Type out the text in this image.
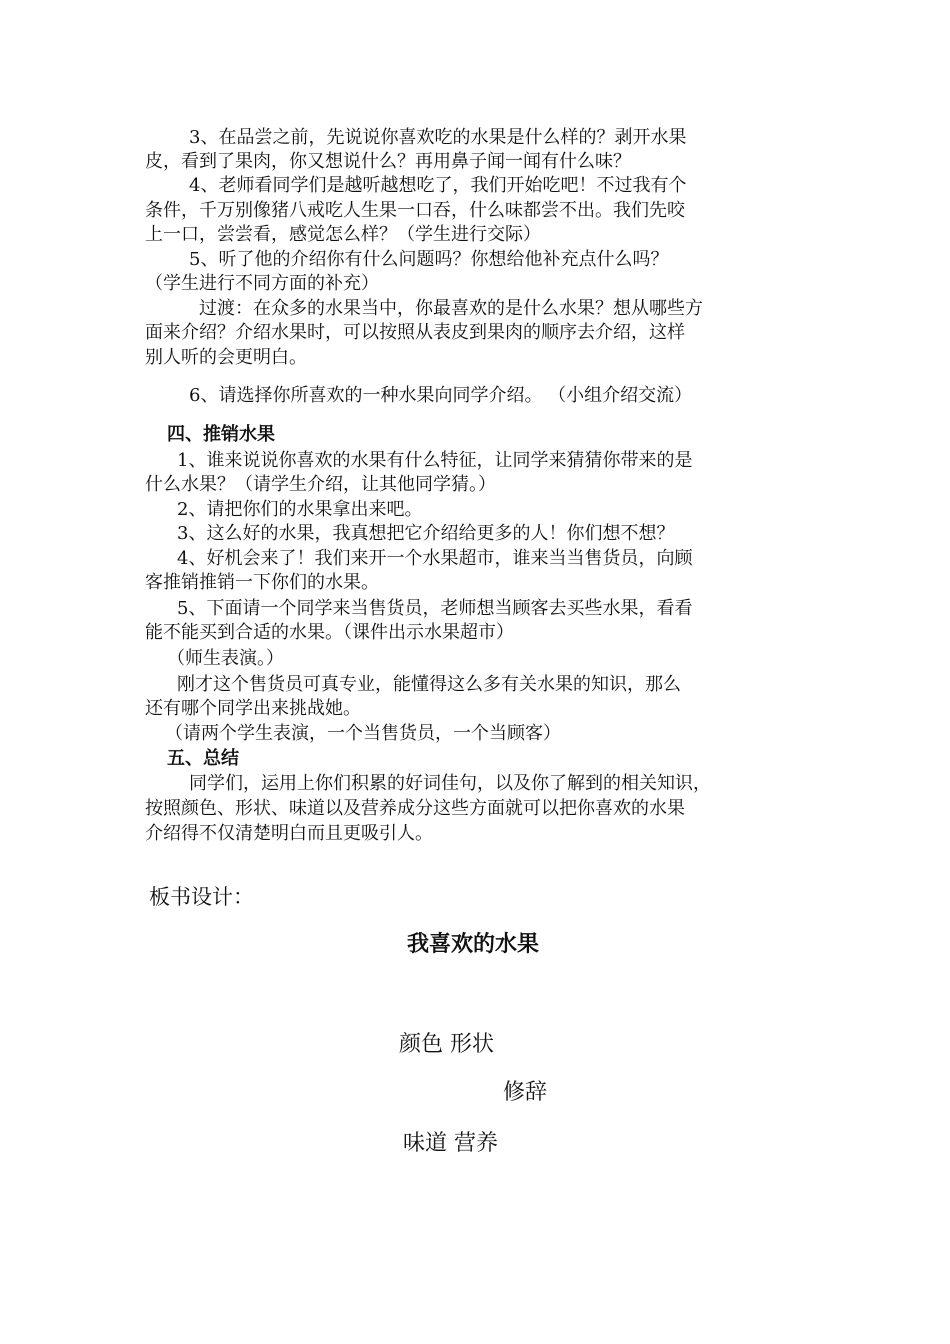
3、在品尝之前，先说说你喜欢吃的水果是什么样的？剥开水果
皮，看到了果肉，你又想说什么？再用鼻子闻一闻有什么味？
4、老师看同学们是越听越想吃了，我们开始吃吧！不过我有个
条件，千万别像猪八戒吃人生果一口吞，什么味都尝不出。我们先咬
上一口，尝尝看，感觉怎么样？（学生进行交际）
5、听了他的介绍你有什么问题吗？你想给他补充点什么吗？
（学生进行不同方面的补充）
过渡：在众多的水果当中，你最喜欢的是什么水果？想从哪些方
面来介绍？介绍水果时，可以按照从表皮到果肉的顺序去介绍，这样
别人听的会更明白。
6、请选择你所喜欢的一种水果向同学介绍。 （小组介绍交流）
四、推销水果
1、谁来说说你喜欢的水果有什么特征，让同学来猜猜你带来的是
什么水果？（请学生介绍，让其他同学猜。）
2、请把你们的水果拿出来吧。
3、这么好的水果，我真想把它介绍给更多的人！你们想不想？
4、好机会来了！我们来开一个水果超市，谁来当当售货员，向顾
客推销推销一下你们的水果。
5、下面请一个同学来当售货员，老师想当顾客去买些水果，看看
能不能买到合适的水果。（课件出示水果超市）
（师生表演。）
刚才这个售货员可真专业，能懂得这么多有关水果的知识，那么
还有哪个同学出来挑战她。
（请两个学生表演，一个当售货员，一个当顾客）
五、总结
同学们，运用上你们积累的好词佳句，以及你了解到的相关知识，
按照颜色、形状、味道以及营养成分这些方面就可以把你喜欢的水果
介绍得不仅清楚明白而且更吸引人。
板书设计：
我喜欢的水果
颜色 形状
修辞
味道 营养
